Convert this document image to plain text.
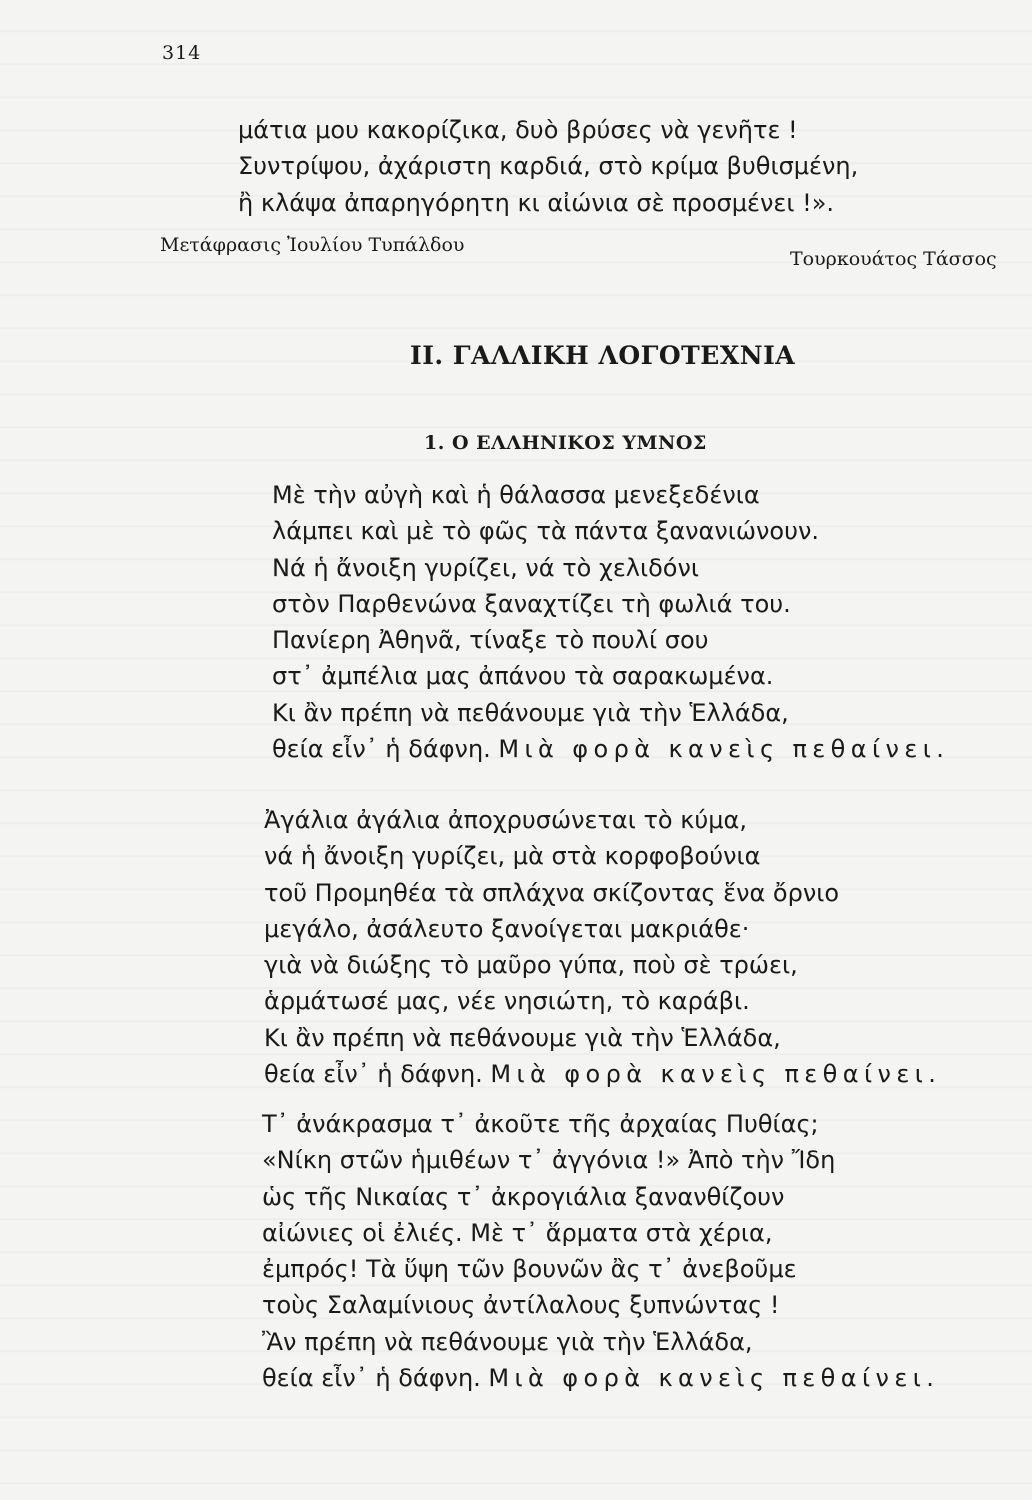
314
μάτια μου κακορίζικα, δυὸ βρύσες νὰ γενῆτε !
Συντρίψου, ἀχάριστη καρδιά, στὸ κρίμα βυθισμένη,
ἢ κλάψα ἀπαρηγόρητη κι αἰώνια σὲ προσμένει !».
Μετάφρασις Ἰουλίου Τυπάλδου
Τουρκουάτος Τάσσος
ΙΙ. ΓΑΛΛΙΚΗ ΛΟΓΟΤΕΧΝΙΑ
1. Ο ΕΛΛΗΝΙΚΟΣ ΥΜΝΟΣ
Μὲ τὴν αὐγὴ καὶ ἡ θάλασσα μενεξεδένια
λάμπει καὶ μὲ τὸ φῶς τὰ πάντα ξανανιώνουν.
Νά ἡ ἄνοιξη γυρίζει, νά τὸ χελιδόνι
στὸν Παρθενώνα ξαναχτίζει τὴ φωλιά του.
Πανίερη Ἀθηνᾶ, τίναξε τὸ πουλί σου
στ᾿ ἀμπέλια μας ἀπάνου τὰ σαρακωμένα.
Κι ἂν πρέπη νὰ πεθάνουμε γιὰ τὴν Ἑλλάδα,
θεία εἶν᾿ ἡ δάφνη. Μιὰ φορὰ κανεὶς πεθαίνει.
Ἀγάλια ἀγάλια ἀποχρυσώνεται τὸ κύμα,
νά ἡ ἄνοιξη γυρίζει, μὰ στὰ κορφοβούνια
τοῦ Προμηθέα τὰ σπλάχνα σκίζοντας ἕνα ὄρνιο
μεγάλο, ἀσάλευτο ξανοίγεται μακριάθε·
γιὰ νὰ διώξης τὸ μαῦρο γύπα, ποὺ σὲ τρώει,
ἁρμάτωσέ μας, νέε νησιώτη, τὸ καράβι.
Κι ἂν πρέπη νὰ πεθάνουμε γιὰ τὴν Ἑλλάδα,
θεία εἶν᾿ ἡ δάφνη. Μιὰ φορὰ κανεὶς πεθαίνει.
Τ᾿ ἀνάκρασμα τ᾿ ἀκοῦτε τῆς ἀρχαίας Πυθίας;
«Νίκη στῶν ἡμιθέων τ᾿ ἀγγόνια !» Ἀπὸ τὴν Ἴδη
ὡς τῆς Νικαίας τ᾿ ἀκρογιάλια ξανανθίζουν
αἰώνιες οἱ ἐλιές. Μὲ τ᾿ ἅρματα στὰ χέρια,
ἐμπρός! Τὰ ὕψη τῶν βουνῶν ἂς τ᾿ ἀνεβοῦμε
τοὺς Σαλαμίνιους ἀντίλαλους ξυπνώντας !
Ἂν πρέπη νὰ πεθάνουμε γιὰ τὴν Ἑλλάδα,
θεία εἶν᾿ ἡ δάφνη. Μιὰ φορὰ κανεὶς πεθαίνει.
